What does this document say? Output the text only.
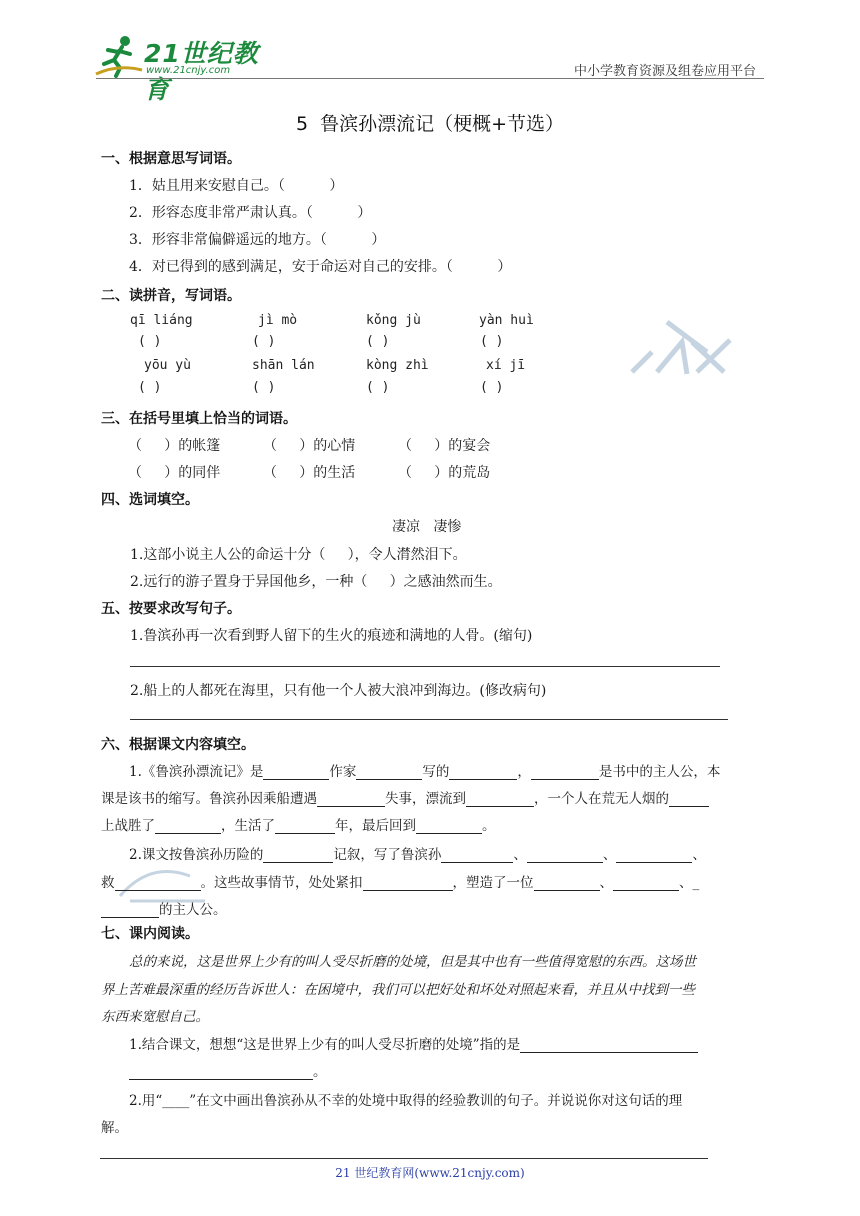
21世纪教育
www.21cnjy.com	中小学教育资源及组卷应用平台
5 鲁滨孙漂流记（梗概+节选）
一、根据意思写词语。
1．姑且用来安慰自己。（          ）
2．形容态度非常严肃认真。（          ）
3．形容非常偏僻遥远的地方。（          ）
4．对已得到的感到满足，安于命运对自己的安排。（          ）
二、读拼音，写词语。
qī liáng	jì mò	kǒng jù	yàn huì
( )	( )	( )	( )
yōu yù	shān lán	kòng zhì	xí jī
( )	( )	( )	( )
三、在括号里填上恰当的词语。
（     ）的帐篷	（     ）的心情	（     ）的宴会
（     ）的同伴	（     ）的生活	（     ）的荒岛
四、选词填空。
凄凉   凄惨
1.这部小说主人公的命运十分（     ），令人潸然泪下。
2.远行的游子置身于异国他乡，一种（     ）之感油然而生。
五、按要求改写句子。
1.鲁滨孙再一次看到野人留下的生火的痕迹和满地的人骨。(缩句)
2.船上的人都死在海里，只有他一个人被大浪冲到海边。(修改病句)
六、根据课文内容填空。
1.《鲁滨孙漂流记》是	作家	写的	，	是书中的主人公，本
课是该书的缩写。鲁滨孙因乘船遭遇	失事，漂流到	，一个人在荒无人烟的
上战胜了	，生活了	年，最后回到	。
2.课文按鲁滨孙历险的	记叙，写了鲁滨孙	、	、	、
救	。这些故事情节，处处紧扣	，塑造了一位	、	、_
的主人公。
七、课内阅读。
总的来说，这是世界上少有的叫人受尽折磨的处境，但是其中也有一些值得宽慰的东西。这场世
界上苦难最深重的经历告诉世人：在困境中，我们可以把好处和坏处对照起来看，并且从中找到一些
东西来宽慰自己。
1.结合课文，想想“这是世界上少有的叫人受尽折磨的处境”指的是
。
2.用“____”在文中画出鲁滨孙从不幸的处境中取得的经验教训的句子。并说说你对这句话的理
解。
21 世纪教育网(www.21cnjy.com)
